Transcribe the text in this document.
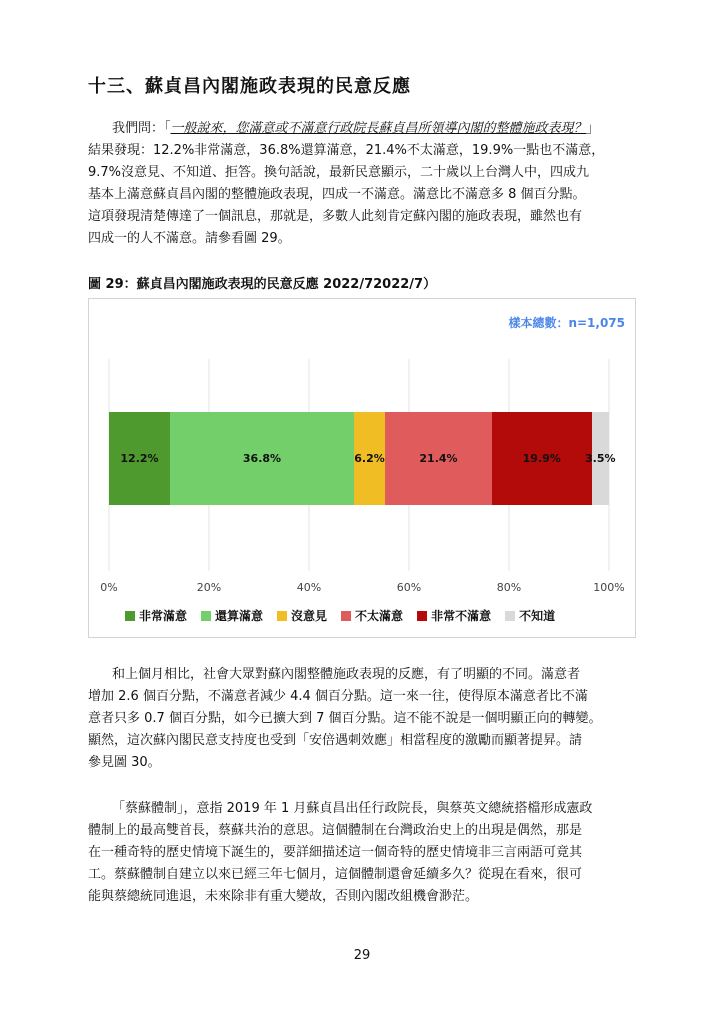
十三、蘇貞昌內閣施政表現的民意反應
我們問：「一般說來，您滿意或不滿意行政院長蘇貞昌所領導內閣的整體施政表現？」
結果發現：12.2%非常滿意，36.8%還算滿意，21.4%不太滿意，19.9%一點也不滿意，
9.7%沒意見、不知道、拒答。換句話說，最新民意顯示，二十歲以上台灣人中，四成九
基本上滿意蘇貞昌內閣的整體施政表現，四成一不滿意。滿意比不滿意多 8 個百分點。
這項發現清楚傳達了一個訊息，那就是，多數人此刻肯定蘇內閣的施政表現，雖然也有
四成一的人不滿意。請參看圖 29。
圖 29：蘇貞昌內閣施政表現的民意反應 2022/72022/7）
樣本總數：n=1,075
12.2%	36.8%	6.2%	21.4%	19.9% 3.5%
0%	20%	40%	60%	80%	100%
非常滿意 還算滿意 沒意見 不太滿意 非常不滿意 不知道
和上個月相比，社會大眾對蘇內閣整體施政表現的反應，有了明顯的不同。滿意者
增加 2.6 個百分點，不滿意者減少 4.4 個百分點。這一來一往，使得原本滿意者比不滿
意者只多 0.7 個百分點，如今已擴大到 7 個百分點。這不能不說是一個明顯正向的轉變。
顯然，這次蘇內閣民意支持度也受到「安倍遇刺效應」相當程度的激勵而顯著提昇。請
參見圖 30。
「蔡蘇體制」，意指 2019 年 1 月蘇貞昌出任行政院長，與蔡英文總統搭檔形成憲政
體制上的最高雙首長，蔡蘇共治的意思。這個體制在台灣政治史上的出現是偶然，那是
在一種奇特的歷史情境下誕生的，要詳細描述這一個奇特的歷史情境非三言兩語可竟其
工。蔡蘇體制自建立以來已經三年七個月，這個體制還會延續多久？從現在看來，很可
能與蔡總統同進退，未來除非有重大變故，否則內閣改組機會渺茫。
29
